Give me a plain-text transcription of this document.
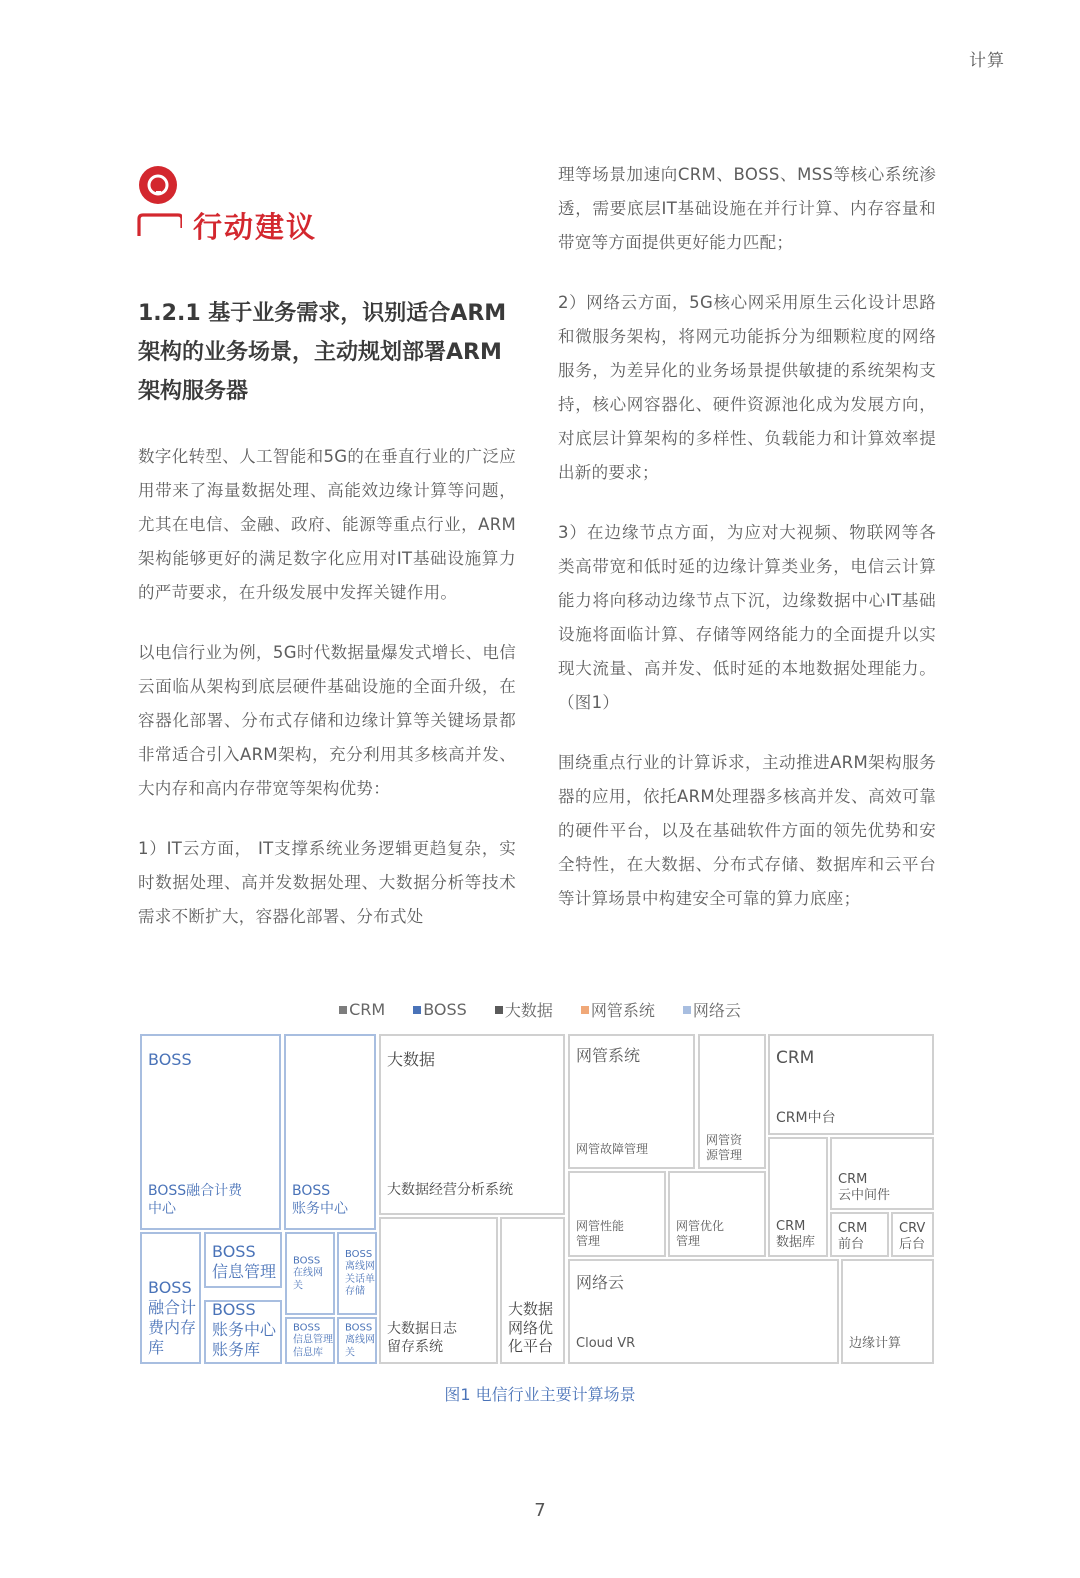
计算
行动建议

1.2.1 基于业务需求，识别适合ARM架构的业务场景，主动规划部署ARM架构服务器

数字化转型、人工智能和5G的在垂直行业的广泛应用带来了海量数据处理、高能效边缘计算等问题，尤其在电信、金融、政府、能源等重点行业，ARM架构能够更好的满足数字化应用对IT基础设施算力的严苛要求，在升级发展中发挥关键作用。

以电信行业为例，5G时代数据量爆发式增长、电信云面临从架构到底层硬件基础设施的全面升级，在容器化部署、分布式存储和边缘计算等关键场景都非常适合引入ARM架构，充分利用其多核高并发、大内存和高内存带宽等架构优势：

1）IT云方面， IT支撑系统业务逻辑更趋复杂，实时数据处理、高并发数据处理、大数据分析等技术需求不断扩大，容器化部署、分布式处

理等场景加速向CRM、BOSS、MSS等核心系统渗透，需要底层IT基础设施在并行计算、内存容量和带宽等方面提供更好能力匹配；

2）网络云方面，5G核心网采用原生云化设计思路和微服务架构，将网元功能拆分为细颗粒度的网络服务，为差异化的业务场景提供敏捷的系统架构支持，核心网容器化、硬件资源池化成为发展方向，对底层计算架构的多样性、负载能力和计算效率提出新的要求；

3）在边缘节点方面，为应对大视频、物联网等各类高带宽和低时延的边缘计算类业务，电信云计算能力将向移动边缘节点下沉，边缘数据中心IT基础设施将面临计算、存储等网络能力的全面提升以实现大流量、高并发、低时延的本地数据处理能力。（图1）

围绕重点行业的计算诉求，主动推进ARM架构服务器的应用，依托ARM处理器多核高并发、高效可靠的硬件平台，以及在基础软件方面的领先优势和安全特性，在大数据、分布式存储、数据库和云平台等计算场景中构建安全可靠的算力底座；

CRM BOSS 大数据 网管系统 网络云
BOSS
BOSS融合计费
中心
BOSS
账务中心
BOSS
融合计
费内存
库
BOSS
信息管理
BOSS
账务中心
账务库
BOSS
在线网
关
BOSS
离线网
关话单
存储
BOSS
信息管理
信息库
BOSS
离线网
关
大数据
大数据经营分析系统
大数据日志
留存系统
大数据
网络优
化平台
网管系统
网管故障管理
网管资
源管理
网管性能
管理
网管优化
管理
CRM
CRM中台
CRM
数据库
CRM
云中间件
CRM
前台
CRV
后台
网络云
Cloud VR	边缘计算
图1 电信行业主要计算场景
7
